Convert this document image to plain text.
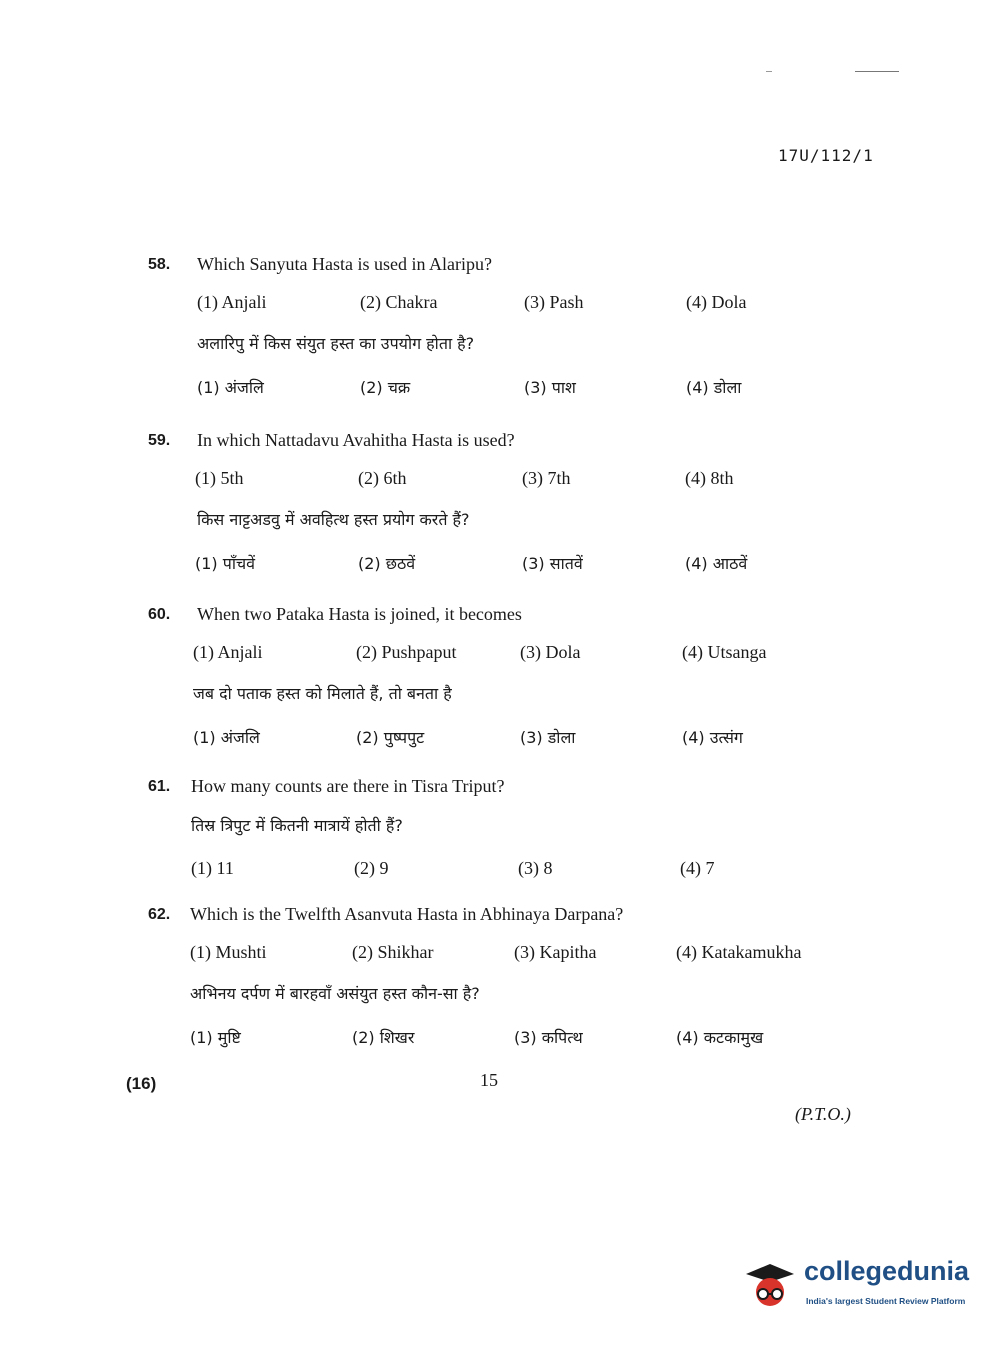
17U/112/1
58. Which Sanyuta Hasta is used in Alaripu?
(1) Anjali	(2) Chakra	(3) Pash	(4) Dola
अलारिपु में किस संयुत हस्त का उपयोग होता है?
(1) अंजलि	(2) चक्र	(3) पाश	(4) डोला
59. In which Nattadavu Avahitha Hasta is used?
(1) 5th	(2) 6th	(3) 7th	(4) 8th
किस नाट्टअडवु में अवहित्थ हस्त प्रयोग करते हैं?
(1) पाँचवें	(2) छठवें	(3) सातवें	(4) आठवें
60. When two Pataka Hasta is joined, it becomes
(1) Anjali	(2) Pushpaput	(3) Dola	(4) Utsanga
जब दो पताक हस्त को मिलाते हैं, तो बनता है
(1) अंजलि	(2) पुष्पपुट	(3) डोला	(4) उत्संग
61. How many counts are there in Tisra Triput?
तिस्र त्रिपुट में कितनी मात्रायें होती हैं?
(1) 11	(2) 9	(3) 8	(4) 7
62. Which is the Twelfth Asanvuta Hasta in Abhinaya Darpana?
(1) Mushti	(2) Shikhar	(3) Kapitha	(4) Katakamukha
अभिनय दर्पण में बारहवाँ असंयुत हस्त कौन-सा है?
(1) मुष्टि	(2) शिखर	(3) कपित्थ	(4) कटकामुख
(16)	15
(P.T.O.)
collegedunia
India's largest Student Review Platform
